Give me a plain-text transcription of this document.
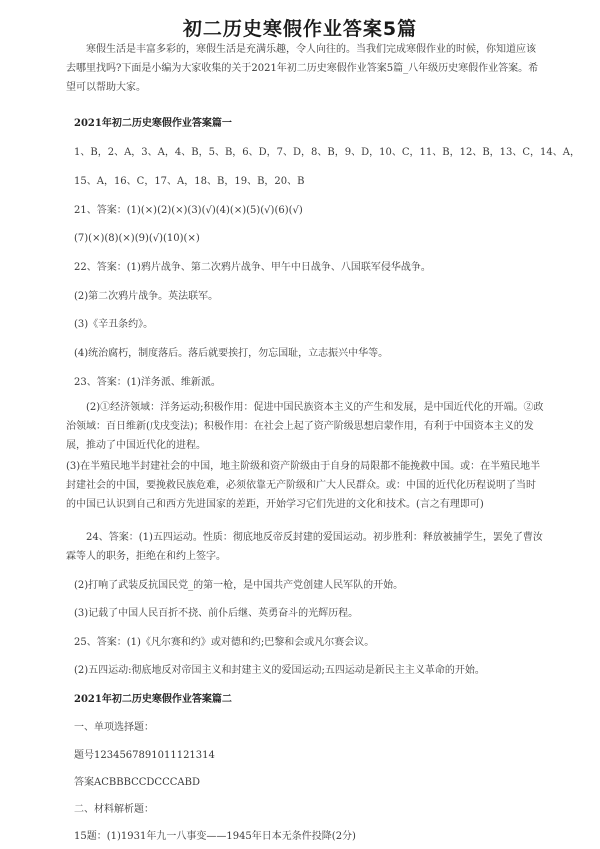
初二历史寒假作业答案5篇
寒假生活是丰富多彩的，寒假生活是充满乐趣，令人向往的。当我们完成寒假作业的时候，你知道应该去哪里找吗?下面是小编为大家收集的关于2021年初二历史寒假作业答案5篇_八年级历史寒假作业答案。希望可以帮助大家。
2021年初二历史寒假作业答案篇一
1、B，2、A，3、A，4、B，5、B，6、D，7、D，8、B，9、D，10、C，11、B，12、B，13、C，14、A，
15、A，16、C，17、A，18、B，19、B，20、B
21、答案：(1)(×)(2)(×)(3)(√)(4)(×)(5)(√)(6)(√)
(7)(×)(8)(×)(9)(√)(10)(×)
22、答案：(1)鸦片战争、第二次鸦片战争、甲午中日战争、八国联军侵华战争。
(2)第二次鸦片战争。英法联军。
(3)《辛丑条约》。
(4)统治腐朽，制度落后。落后就要挨打，勿忘国耻，立志振兴中华等。
23、答案：(1)洋务派、维新派。
(2)①经济领域：洋务运动;积极作用：促进中国民族资本主义的产生和发展，是中国近代化的开端。②政治领域：百日维新(戊戌变法)；积极作用：在社会上起了资产阶级思想启蒙作用，有利于中国资本主义的发展，推动了中国近代化的进程。
(3)在半殖民地半封建社会的中国，地主阶级和资产阶级由于自身的局限都不能挽救中国。或：在半殖民地半封建社会的中国，要挽救民族危难，必须依靠无产阶级和广大人民群众。或：中国的近代化历程说明了当时的中国已认识到自己和西方先进国家的差距，开始学习它们先进的文化和技术。(言之有理即可)
24、答案：(1)五四运动。性质：彻底地反帝反封建的爱国运动。初步胜利：释放被捕学生，罢免了曹汝霖等人的职务，拒绝在和约上签字。
(2)打响了武装反抗国民党_的第一枪，是中国共产党创建人民军队的开始。
(3)记载了中国人民百折不挠、前仆后继、英勇奋斗的光辉历程。
25、答案：(1)《凡尔赛和约》或对德和约;巴黎和会或凡尔赛会议。
(2)五四运动:彻底地反对帝国主义和封建主义的爱国运动;五四运动是新民主主义革命的开始。
2021年初二历史寒假作业答案篇二
一、单项选择题：
题号1234567891011121314
答案ACBBBCCDCCCABD
二、材料解析题：
15题：(1)1931年九一八事变——1945年日本无条件投降(2分)
